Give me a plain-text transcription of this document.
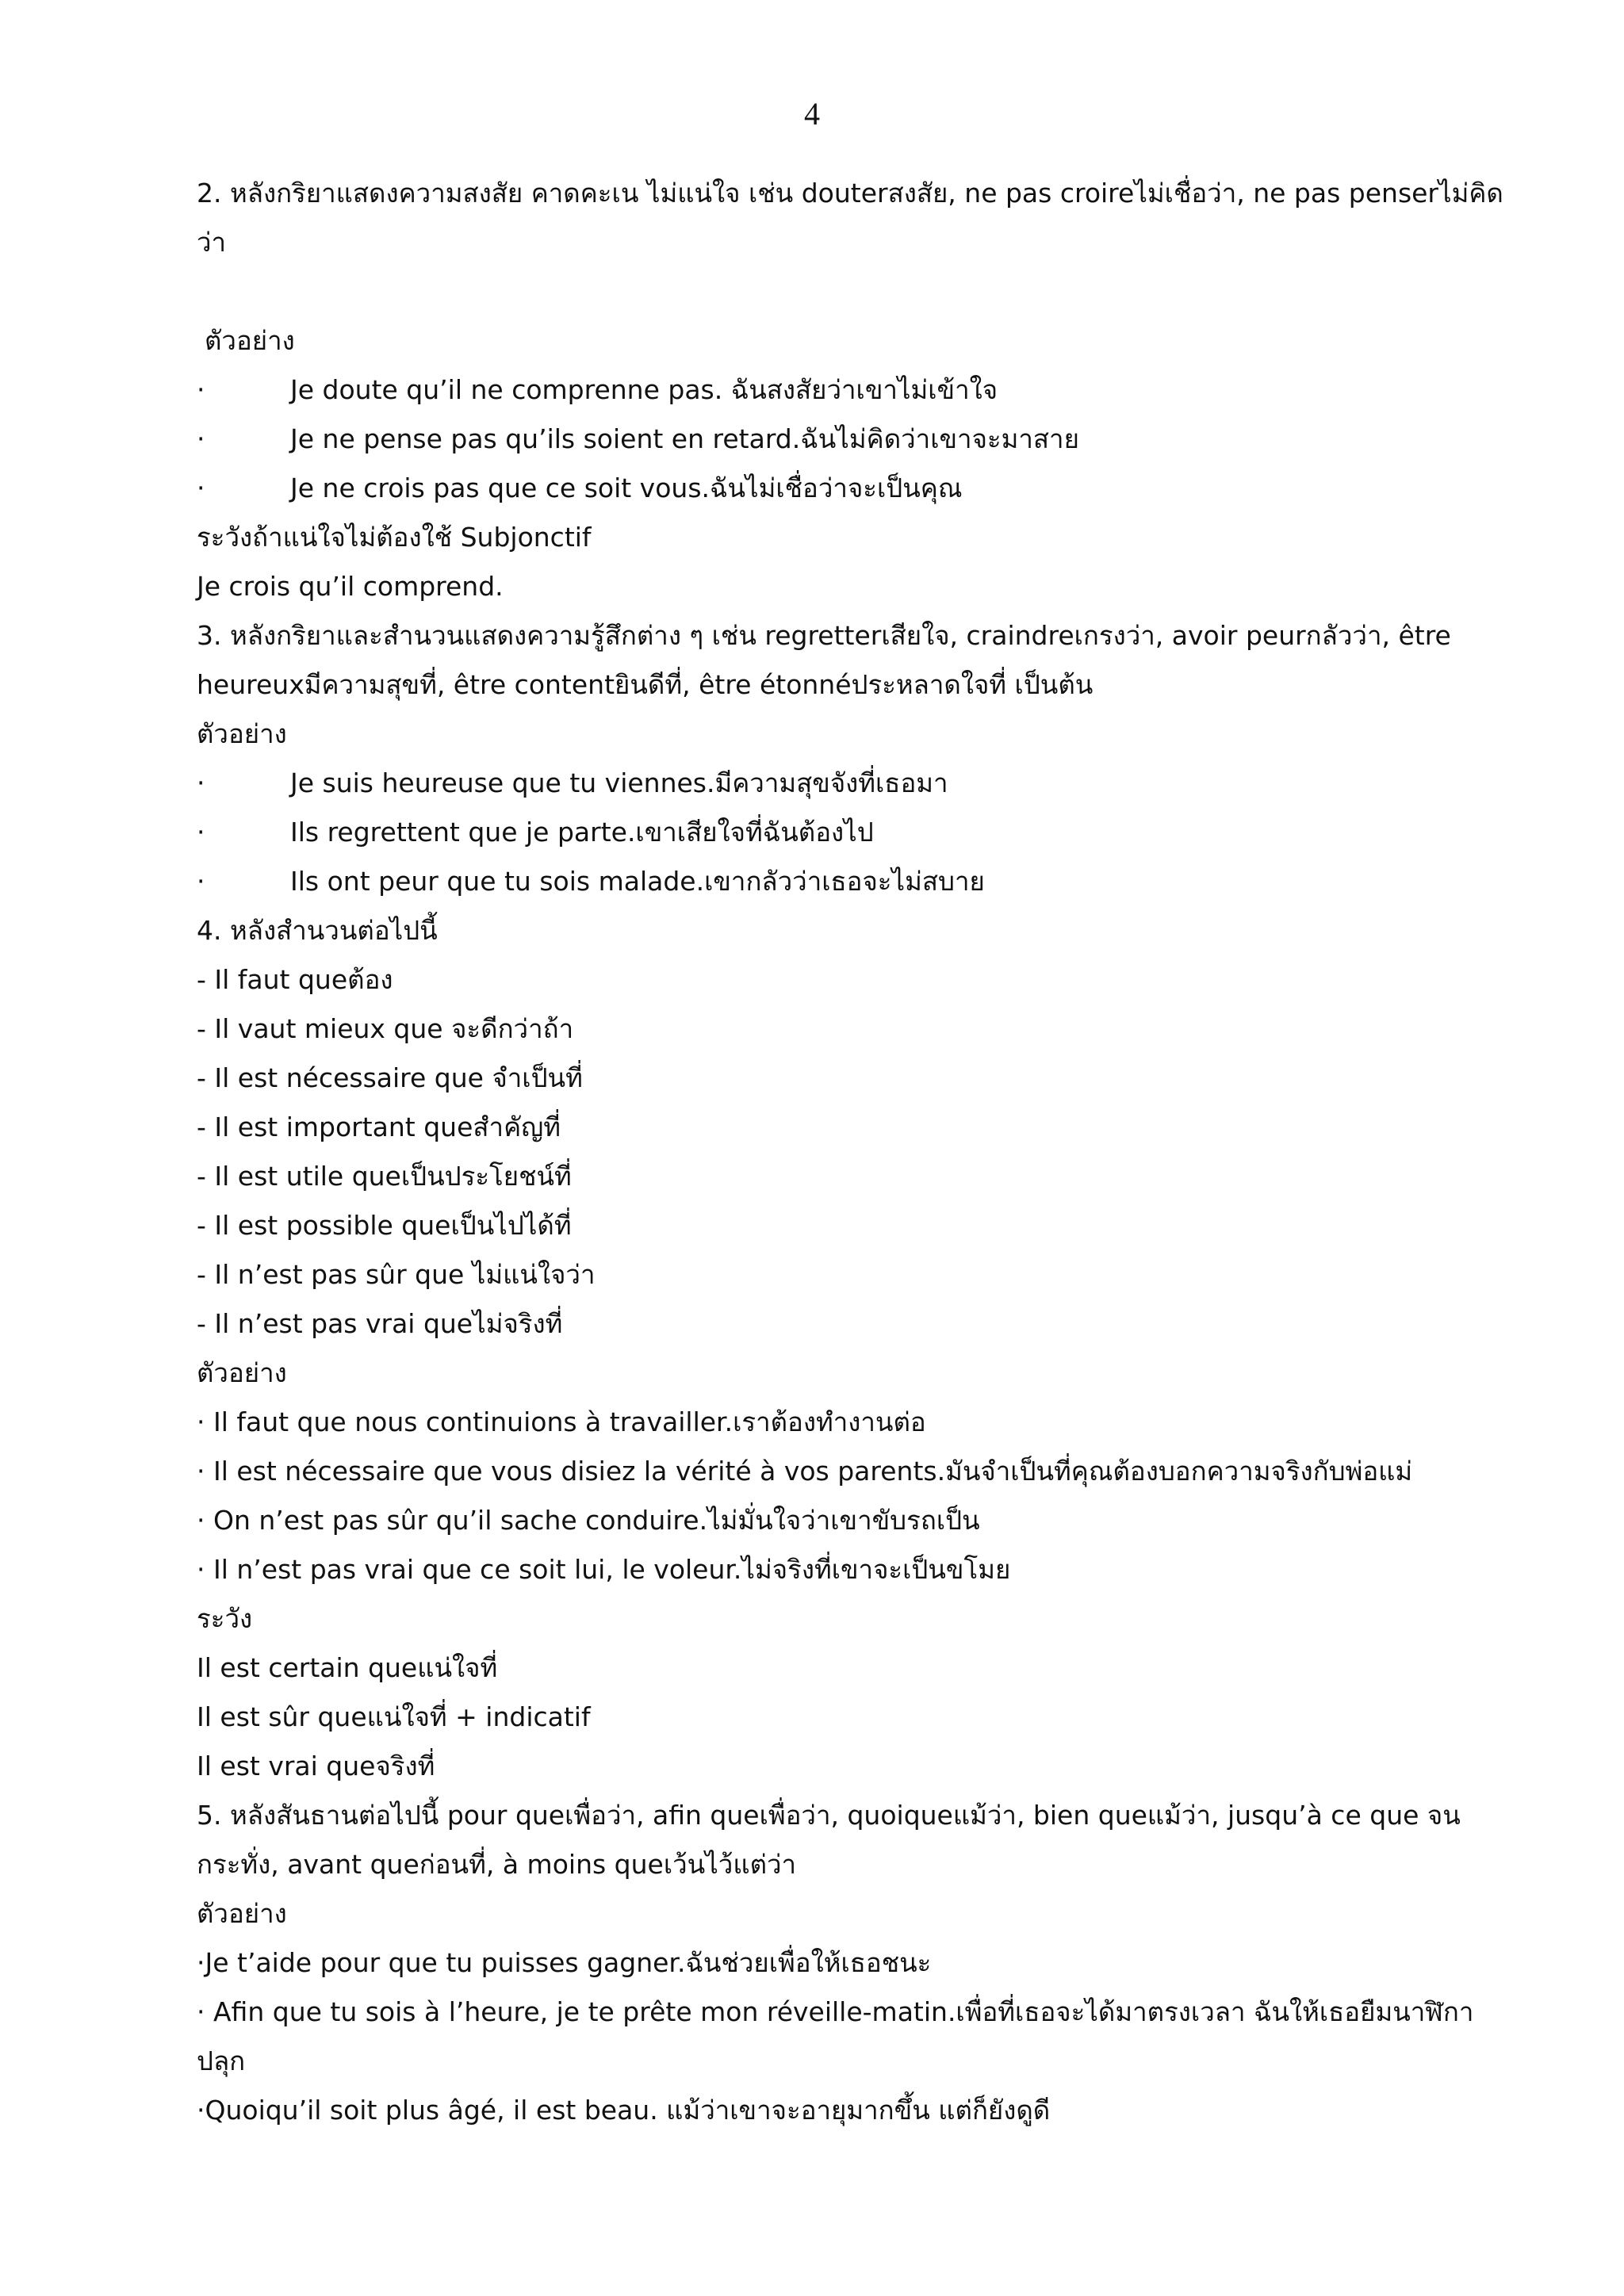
4

2. หลังกริยาแสดงความสงสัย คาดคะเน ไม่แน่ใจ เช่น douterสงสัย, ne pas croireไม่เชื่อว่า, ne pas penserไม่คิดว่า

ตัวอย่าง

·	Je doute qu’il ne comprenne pas. ฉันสงสัยว่าเขาไม่เข้าใจ
·	Je ne pense pas qu’ils soient en retard.ฉันไม่คิดว่าเขาจะมาสาย
·	Je ne crois pas que ce soit vous.ฉันไม่เชื่อว่าจะเป็นคุณ

ระวังถ้าแน่ใจไม่ต้องใช้ Subjonctif

Je crois qu’il comprend.

3. หลังกริยาและสำนวนแสดงความรู้สึกต่าง ๆ เช่น regretterเสียใจ, craindreเกรงว่า, avoir peurกลัวว่า, être heureuxมีความสุขที่, être contentยินดีที่, être étonnéประหลาดใจที่ เป็นต้น

ตัวอย่าง

·	Je suis heureuse que tu viennes.มีความสุขจังที่เธอมา
·	Ils regrettent que je parte.เขาเสียใจที่ฉันต้องไป
·	Ils ont peur que tu sois malade.เขากลัวว่าเธอจะไม่สบาย

4. หลังสำนวนต่อไปนี้

- Il faut queต้อง

- Il vaut mieux que จะดีกว่าถ้า

- Il est nécessaire que จำเป็นที่

- Il est important queสำคัญที่

- Il est utile queเป็นประโยชน์ที่

- Il est possible queเป็นไปได้ที่

- Il n’est pas sûr que ไม่แน่ใจว่า

- Il n’est pas vrai queไม่จริงที่

ตัวอย่าง

· Il faut que nous continuions à travailler.เราต้องทำงานต่อ

· Il est nécessaire que vous disiez la vérité à vos parents.มันจำเป็นที่คุณต้องบอกความจริงกับพ่อแม่

· On n’est pas sûr qu’il sache conduire.ไม่มั่นใจว่าเขาขับรถเป็น

· Il n’est pas vrai que ce soit lui, le voleur.ไม่จริงที่เขาจะเป็นขโมย

ระวัง

Il est certain queแน่ใจที่

Il est sûr queแน่ใจที่ + indicatif

Il est vrai queจริงที่

5. หลังสันธานต่อไปนี้ pour queเพื่อว่า, afin queเพื่อว่า, quoiqueแม้ว่า, bien queแม้ว่า, jusqu’à ce que จนกระทั่ง, avant queก่อนที่, à moins queเว้นไว้แต่ว่า

ตัวอย่าง

·Je t’aide pour que tu puisses gagner.ฉันช่วยเพื่อให้เธอชนะ

· Afin que tu sois à l’heure, je te prête mon réveille-matin.เพื่อที่เธอจะได้มาตรงเวลา ฉันให้เธอยืมนาฬิกาปลุก

·Quoiqu’il soit plus âgé, il est beau. แม้ว่าเขาจะอายุมากขึ้น แต่ก็ยังดูดี
